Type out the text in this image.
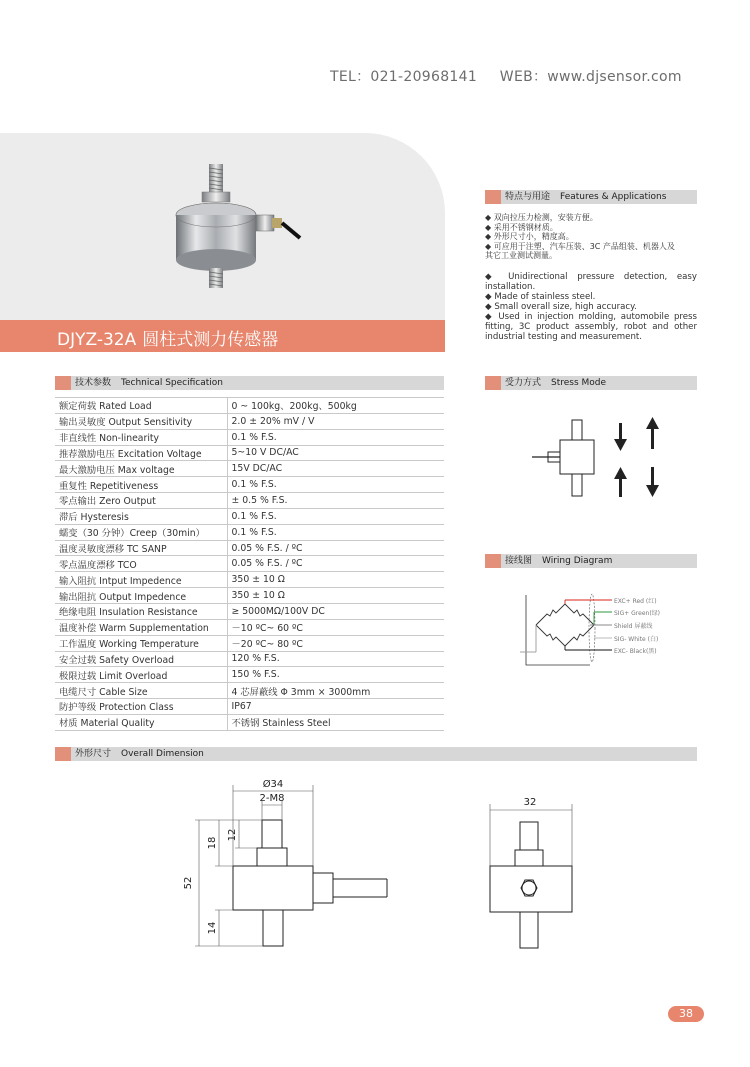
TEL：021-20968141 WEB：www.djsensor.com
DJYZ-32A 圆柱式测力传感器
特点与用途 Features & Applications
◆ 双向拉压力检测，安装方便。
◆ 采用不锈钢材质。
◆ 外形尺寸小，精度高。
◆ 可应用于注塑、汽车压装、3C 产品组装、机器人及
其它工业测试测量。
◆ Unidirectional pressure detection, easy installation.
◆ Made of stainless steel.
◆ Small overall size, high accuracy.
◆ Used in injection molding, automobile press fitting, 3C product assembly, robot and other industrial testing and measurement.
技术参数 Technical Specification
额定荷载 Rated Load	0 ~ 100kg、200kg、500kg
输出灵敏度 Output Sensitivity	2.0 ± 20% mV / V
非直线性 Non-linearity	0.1 % F.S.
推荐激励电压 Excitation Voltage	5~10 V DC/AC
最大激励电压 Max voltage	15V DC/AC
重复性 Repetitiveness	0.1 % F.S.
零点输出 Zero Output	± 0.5 % F.S.
滞后 Hysteresis	0.1 % F.S.
蠕变（30 分钟）Creep（30min）	0.1 % F.S.
温度灵敏度漂移 TC SANP	0.05 % F.S. / ºC
零点温度漂移 TCO	0.05 % F.S. / ºC
输入阻抗 Intput Impedence	350 ± 10 Ω
输出阻抗 Output Impedence	350 ± 10 Ω
绝缘电阻 Insulation Resistance	≥ 5000MΩ/100V DC
温度补偿 Warm Supplementation	－10 ºC~ 60 ºC
工作温度 Working Temperature	－20 ºC~ 80 ºC
安全过载 Safety Overload	120 % F.S.
极限过载 Limit Overload	150 % F.S.
电缆尺寸 Cable Size	4 芯屏蔽线 Φ 3mm × 3000mm
防护等级 Protection Class	IP67
材质 Material Quality	不锈钢 Stainless Steel
受力方式 Stress Mode
接线图 Wiring Diagram
EXC+ Red (红)
SIG+ Green(绿)
Shield 屏蔽线
SIG- White (白)
EXC- Black(黑)
外形尺寸 Overall Dimension
Ø34
2-M8
52
18
12
14
32
38
